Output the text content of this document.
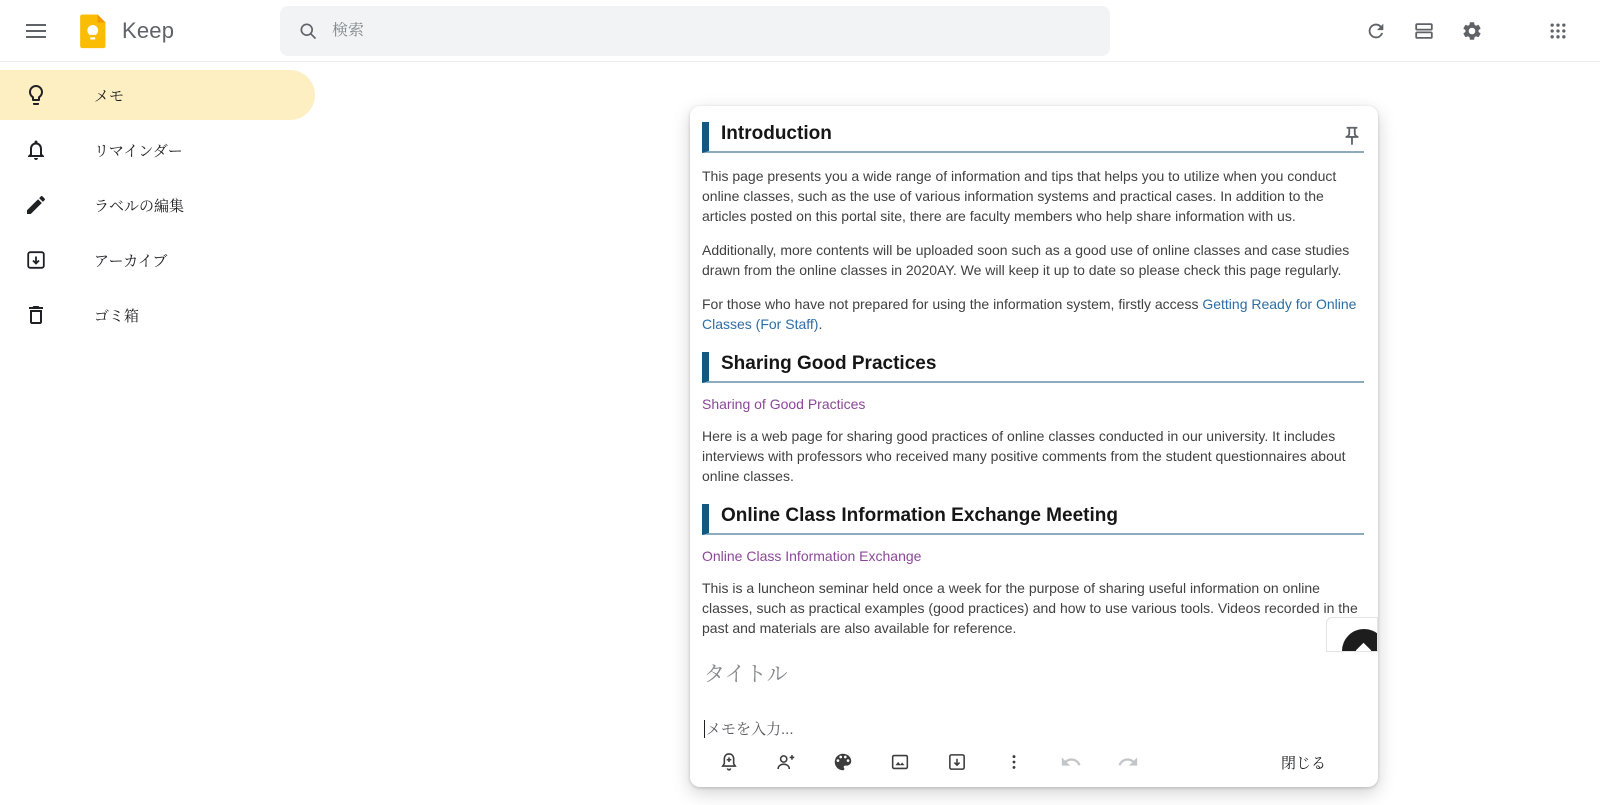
Keep
検索
メモ
リマインダー
ラベルの編集
アーカイブ
ゴミ箱
Introduction

This page presents you a wide range of information and tips that helps you to utilize when you conduct online classes, such as the use of various information systems and practical cases. In addition to the articles posted on this portal site, there are faculty members who help share information with us.

Additionally, more contents will be uploaded soon such as a good use of online classes and case studies drawn from the online classes in 2020AY. We will keep it up to date so please check this page regularly.

For those who have not prepared for using the information system, firstly access Getting Ready for Online Classes (For Staff).

Sharing Good Practices
Sharing of Good Practices

Here is a web page for sharing good practices of online classes conducted in our university. It includes interviews with professors who received many positive comments from the student questionnaires about online classes.

Online Class Information Exchange Meeting
Online Class Information Exchange

This is a luncheon seminar held once a week for the purpose of sharing useful information on online classes, such as practical examples (good practices) and how to use various tools. Videos recorded in the past and materials are also available for reference.

タイトル
メモを入力...
閉じる
